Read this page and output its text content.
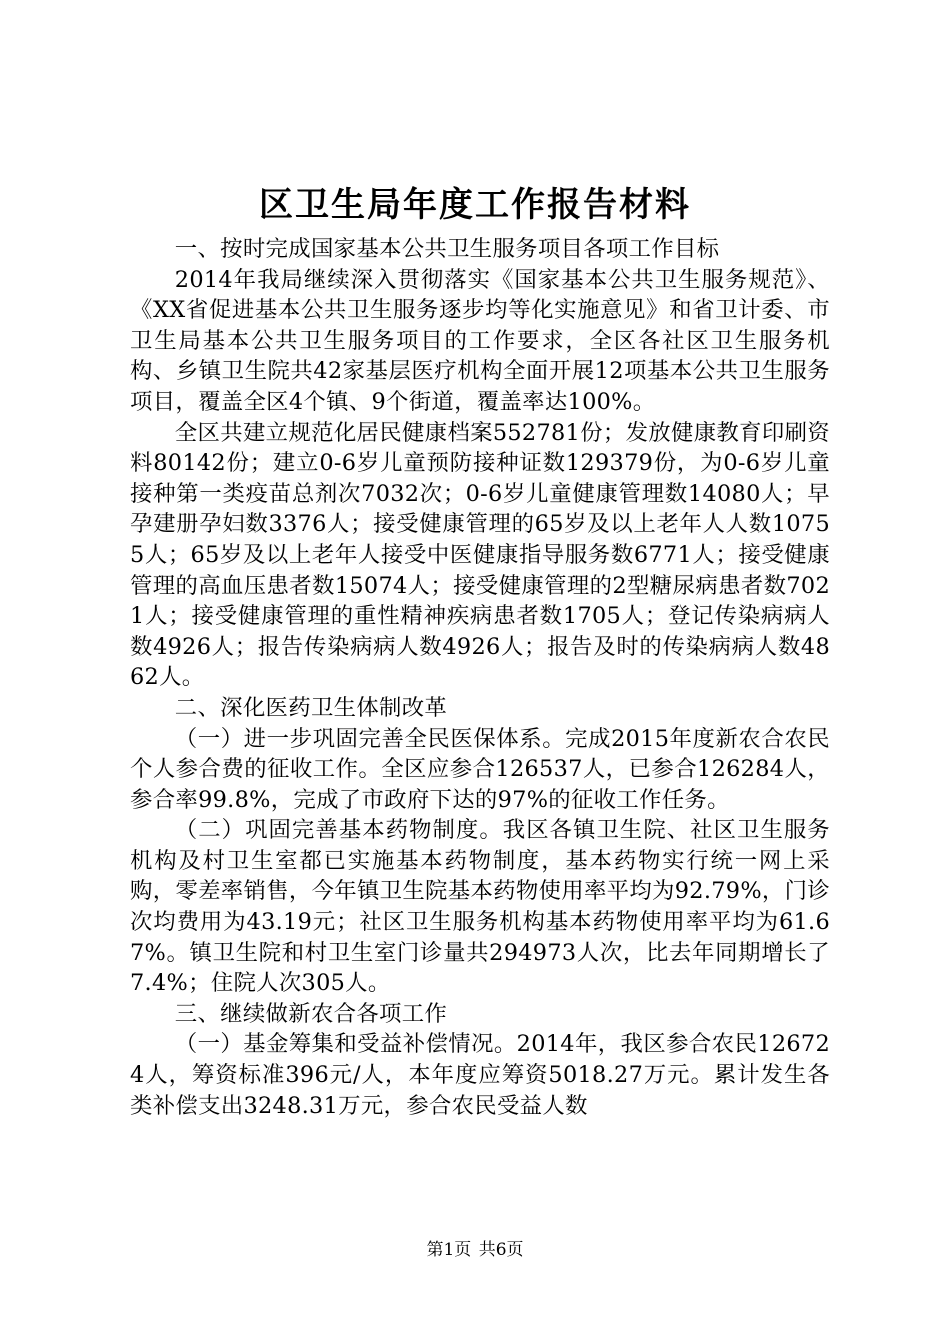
区卫生局年度工作报告材料

一、按时完成国家基本公共卫生服务项目各项工作目标

2014年我局继续深入贯彻落实《国家基本公共卫生服务规范》、《XX省促进基本公共卫生服务逐步均等化实施意见》和省卫计委、市卫生局基本公共卫生服务项目的工作要求，全区各社区卫生服务机构、乡镇卫生院共42家基层医疗机构全面开展12项基本公共卫生服务项目，覆盖全区4个镇、9个街道，覆盖率达100%。

全区共建立规范化居民健康档案552781份；发放健康教育印刷资料80142份；建立0-6岁儿童预防接种证数129379份，为0-6岁儿童接种第一类疫苗总剂次7032次；0-6岁儿童健康管理数14080人；早孕建册孕妇数3376人；接受健康管理的65岁及以上老年人人数10755人；65岁及以上老年人接受中医健康指导服务数6771人；接受健康管理的高血压患者数15074人；接受健康管理的2型糖尿病患者数7021人；接受健康管理的重性精神疾病患者数1705人；登记传染病病人数4926人；报告传染病病人数4926人；报告及时的传染病病人数4862人。

二、深化医药卫生体制改革

（一）进一步巩固完善全民医保体系。完成2015年度新农合农民个人参合费的征收工作。全区应参合126537人，已参合126284人，参合率99.8%，完成了市政府下达的97%的征收工作任务。

（二）巩固完善基本药物制度。我区各镇卫生院、社区卫生服务机构及村卫生室都已实施基本药物制度，基本药物实行统一网上采购，零差率销售，今年镇卫生院基本药物使用率平均为92.79%，门诊次均费用为43.19元；社区卫生服务机构基本药物使用率平均为61.67%。镇卫生院和村卫生室门诊量共294973人次，比去年同期增长了7.4%；住院人次305人。

三、继续做新农合各项工作

（一）基金筹集和受益补偿情况。2014年，我区参合农民126724人，筹资标准396元/人，本年度应筹资5018.27万元。累计发生各类补偿支出3248.31万元，参合农民受益人数

第1页 共6页
